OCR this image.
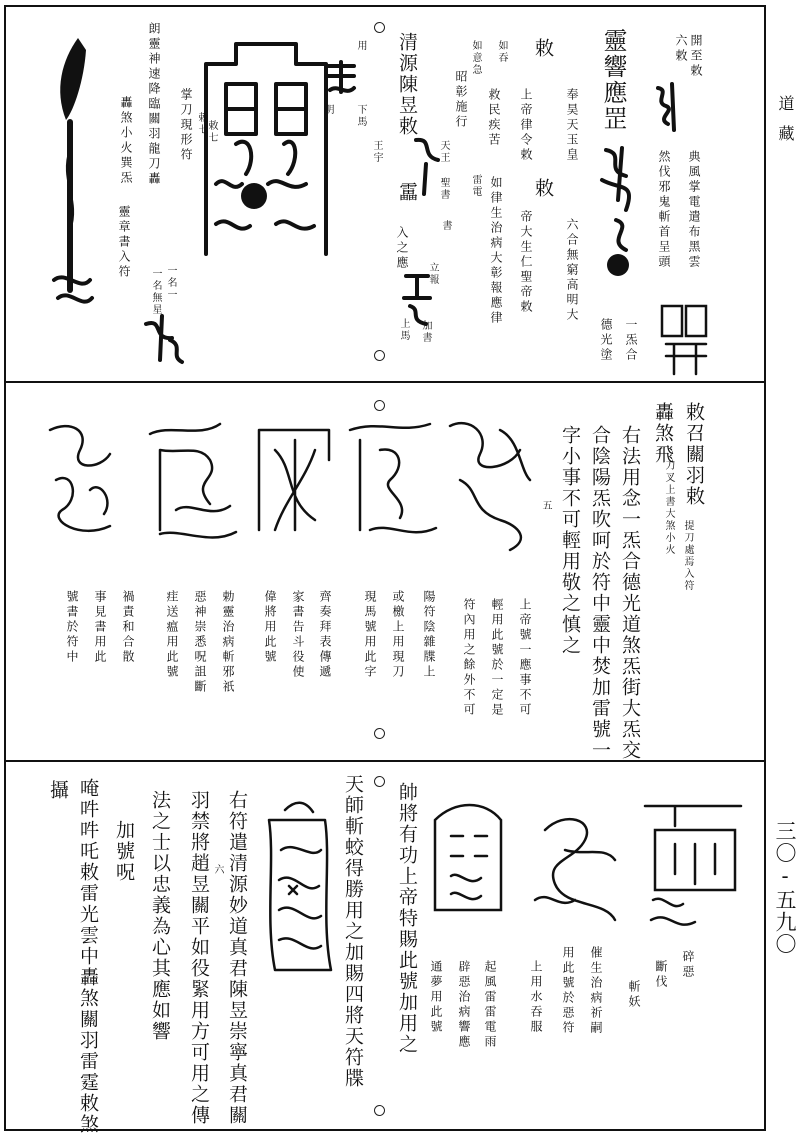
道藏
三〇-五九〇
開至敕
六敕
典風掌電遣布黑雲
然伐邪鬼斬首呈頭
靈響應罡
一炁合
德光塗
敕
上帝律令敕	奉昊天玉皇
敕
帝大生仁聖帝敕	六合無窮高明大
如吞
救民疾苦
如意急
雷電
昭彰施行
如律生治病大彰報應律
清源陳昱敕
王宇
加書
上馬
靁
入之應	書
立報
天王 聖書
用
下馬
明
敕七
掌刀現形符
朗靈神速降臨關羽龍刀轟
轟煞小火巽炁
靈章書入符
一名一
一名無星
勅七
敕召關羽敕
提刀處焉入符
轟煞飛
刀叉上書大煞小火
右法用念一炁合德光道煞炁街大炁交
合陰陽炁吹呵於符中靈中焚加雷號一
字小事不可輕用敬之慎之
五
上帝號一應事不可
輕用此號於一定是
符內用之餘外不可
陽符陰雜牒上
或檄上用現刀
現馬號用此字
齊奏拜表傳遞
家書告斗役使
偉將用此號
勅靈治病斬邪祇
惡神崇悉呪詛斷
疰送瘟用此號
禍責和合散
事見書用此
號書於符中
碎惡
斷伐
斬妖
上用水吞服 用此號於惡符 催生治病祈嗣
起風雷雷電雨
辟惡治病響應
通夢用此號
帥將有功上帝特賜此號加用之
天師斬蛟得勝用之加賜四將天符牒
右符遣清源妙道真君陳昱崇寧真君關
羽禁將趙昱關平如役緊用方可用之傳
法之士以忠義為心其應如響	六
加號呪
唵吽吽吒敕雷光雲中轟煞關羽雷霆敕煞
攝
